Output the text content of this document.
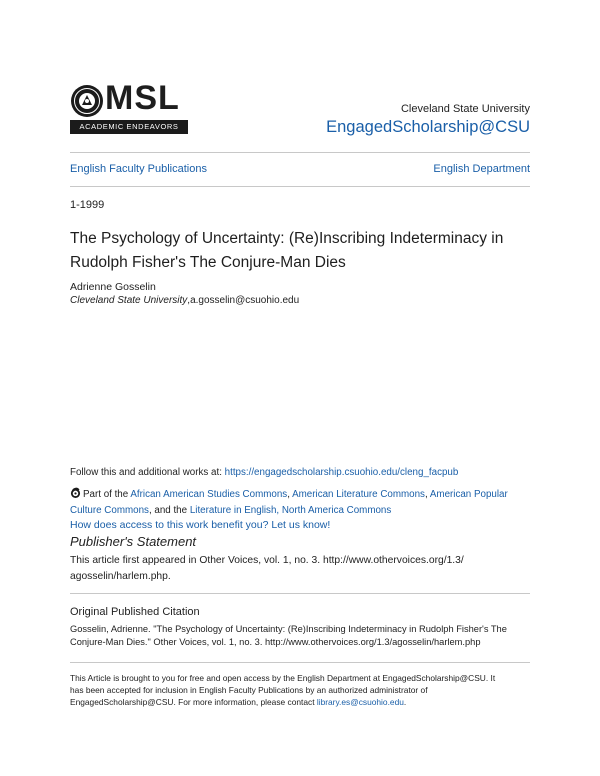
MSL
ACADEMIC ENDEAVORS
Cleveland State University
EngagedScholarship@CSU
English Faculty Publications	English Department
1-1999
The Psychology of Uncertainty: (Re)Inscribing Indeterminacy in Rudolph Fisher's The Conjure-Man Dies
Adrienne Gosselin
Cleveland State University,a.gosselin@csuohio.edu
Follow this and additional works at: https://engagedscholarship.csuohio.edu/cleng_facpub
Part of the African American Studies Commons, American Literature Commons, American Popular Culture Commons, and the Literature in English, North America Commons
How does access to this work benefit you? Let us know!
Publisher's Statement
This article first appeared in Other Voices, vol. 1, no. 3. http://www.othervoices.org/1.3/
agosselin/harlem.php.
Original Published Citation
Gosselin, Adrienne. "The Psychology of Uncertainty: (Re)Inscribing Indeterminacy in Rudolph Fisher's The
Conjure-Man Dies." Other Voices, vol. 1, no. 3. http://www.othervoices.org/1.3/agosselin/harlem.php
This Article is brought to you for free and open access by the English Department at EngagedScholarship@CSU. It
has been accepted for inclusion in English Faculty Publications by an authorized administrator of
EngagedScholarship@CSU. For more information, please contact library.es@csuohio.edu.
